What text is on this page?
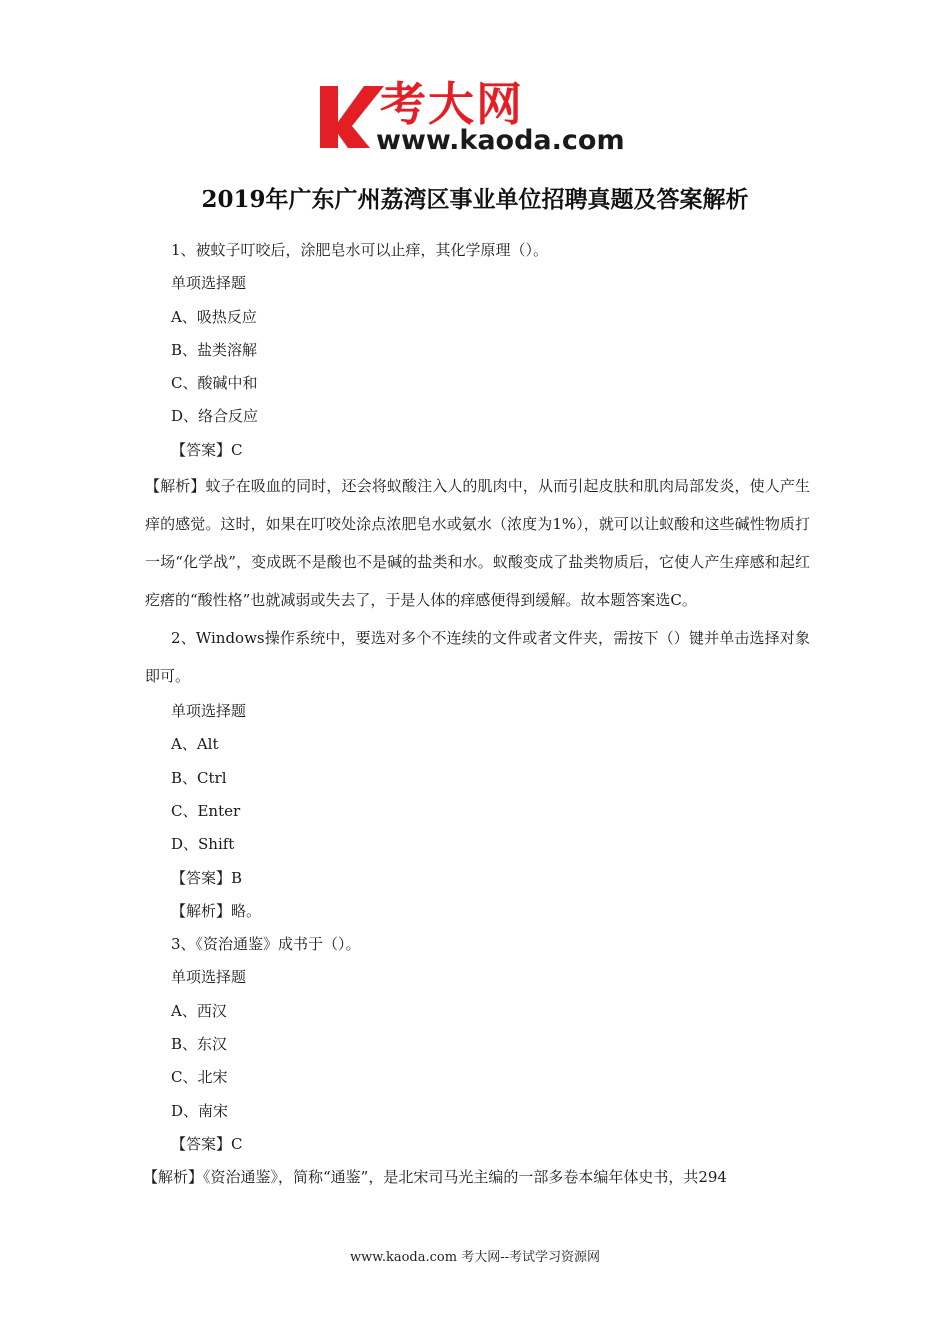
考大网
www.kaoda.com
2019年广东广州荔湾区事业单位招聘真题及答案解析

1、被蚊子叮咬后，涂肥皂水可以止痒，其化学原理（）。

单项选择题

A、吸热反应

B、盐类溶解

C、酸碱中和

D、络合反应

【答案】C

【解析】蚊子在吸血的同时，还会将蚁酸注入人的肌肉中，从而引起皮肤和肌肉局部发炎，使人产生痒的感觉。这时，如果在叮咬处涂点浓肥皂水或氨水（浓度为1%），就可以让蚁酸和这些碱性物质打一场“化学战”，变成既不是酸也不是碱的盐类和水。蚁酸变成了盐类物质后，它使人产生痒感和起红疙瘩的“酸性格”也就减弱或失去了，于是人体的痒感便得到缓解。故本题答案选C。

2、Windows操作系统中，要选对多个不连续的文件或者文件夹，需按下（）键并单击选择对象即可。

单项选择题

A、Alt

B、Ctrl

C、Enter

D、Shift

【答案】B

【解析】略。

3、《资治通鉴》成书于（）。

单项选择题

A、西汉

B、东汉

C、北宋

D、南宋

【答案】C

【解析】《资治通鉴》，简称“通鉴”，是北宋司马光主编的一部多卷本编年体史书，共294

www.kaoda.com 考大网--考试学习资源网
